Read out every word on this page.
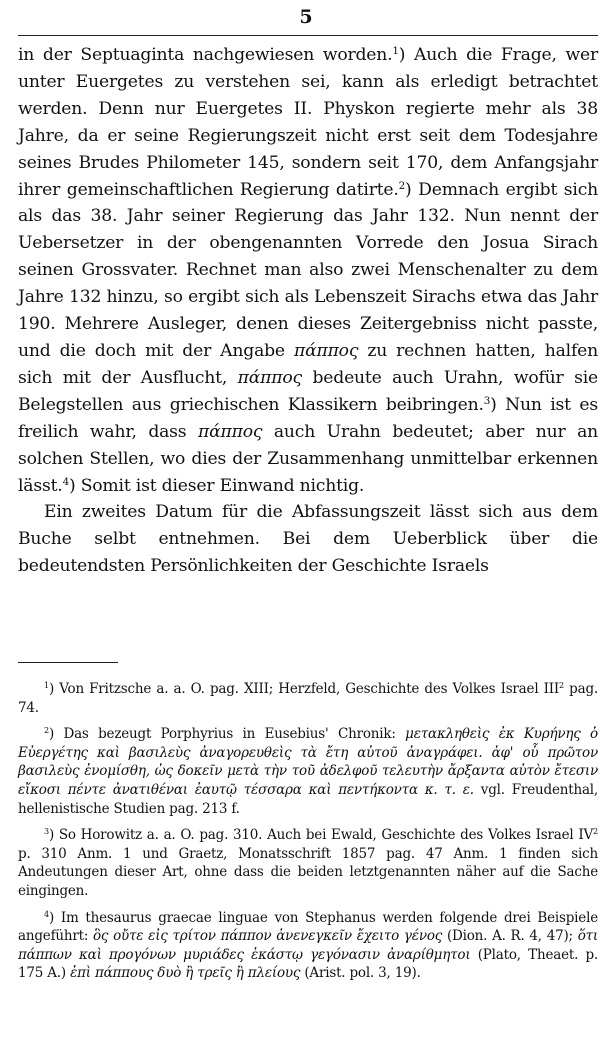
5

in der Septuaginta nachgewiesen worden.$^1$) Auch die Frage, wer unter Euergetes zu verstehen sei, kann als erledigt betrachtet werden. Denn nur Euergetes II. Physkon regierte mehr als 38 Jahre, da er seine Regierungszeit nicht erst seit dem Todesjahre seines Brudes Philometer 145, sondern seit 170, dem Anfangsjahr ihrer gemeinschaftlichen Regierung datirte.$^2$) Demnach ergibt sich als das 38. Jahr seiner Regierung das Jahr 132. Nun nennt der Uebersetzer in der obengenannten Vorrede den Josua Sirach seinen Grossvater. Rechnet man also zwei Menschenalter zu dem Jahre 132 hinzu, so ergibt sich als Lebenszeit Sirachs etwa das Jahr 190. Mehrere Ausleger, denen dieses Zeitergebniss nicht passte, und die doch mit der Angabe πάππος zu rechnen hatten, halfen sich mit der Ausflucht, πάππος bedeute auch Urahn, wofür sie Belegstellen aus griechischen Klassikern beibringen.$^3$) Nun ist es freilich wahr, dass πάππος auch Urahn bedeutet; aber nur an solchen Stellen, wo dies der Zusammenhang unmittelbar erkennen lässt.$^4$) Somit ist dieser Einwand nichtig.

Ein zweites Datum für die Abfassungszeit lässt sich aus dem Buche selbt entnehmen. Bei dem Ueberblick über die bedeutendsten Persönlichkeiten der Geschichte Israels

$^1$) Von Fritzsche a. a. O. pag. XIII; Herzfeld, Geschichte des Volkes Israel III$^2$ pag. 74.

$^2$) Das bezeugt Porphyrius in Eusebius' Chronik: μετακληθεὶς ἐκ Κυρήνης ὁ Εὐεργέτης καὶ βασιλεὺς ἀναγορευθεὶς τὰ ἔτη αὐτοῦ ἀναγράφει. ἀφ' οὗ πρῶτον βασιλεὺς ἐνομίσθη, ὡς δοκεῖν μετὰ τὴν τοῦ ἀδελφοῦ τελευτὴν ἄρξαντα αὐτὸν ἔτεσιν εἴκοσι πέντε ἀνατιθέναι ἑαυτῷ τέσσαρα καὶ πεντήκοντα κ. τ. ε. vgl. Freudenthal, hellenistische Studien pag. 213 f.

$^3$) So Horowitz a. a. O. pag. 310. Auch bei Ewald, Geschichte des Volkes Israel $IV^2$ p. 310 Anm. 1 und Graetz, Monatsschrift 1857 pag. 47 Anm. 1 finden sich Andeutungen dieser Art, ohne dass die beiden letztgenannten näher auf die Sache eingingen.

$^4$) Im thesaurus graecae linguae von Stephanus werden folgende drei Beispiele angeführt: ὃς οὔτε εἰς τρίτον πάππον ἀνενεγκεῖν ἔχειτο γένος (Dion. A. R. 4, 47); ὅτι πάππων καὶ προγόνων μυριάδες ἑκάστῳ γεγόνασιν ἀναρίθμητοι (Plato, Theaet. p. 175 A.) ἐπὶ πάππους δυὸ ἢ τρεῖς ἢ πλείους (Arist. pol. 3, 19).
